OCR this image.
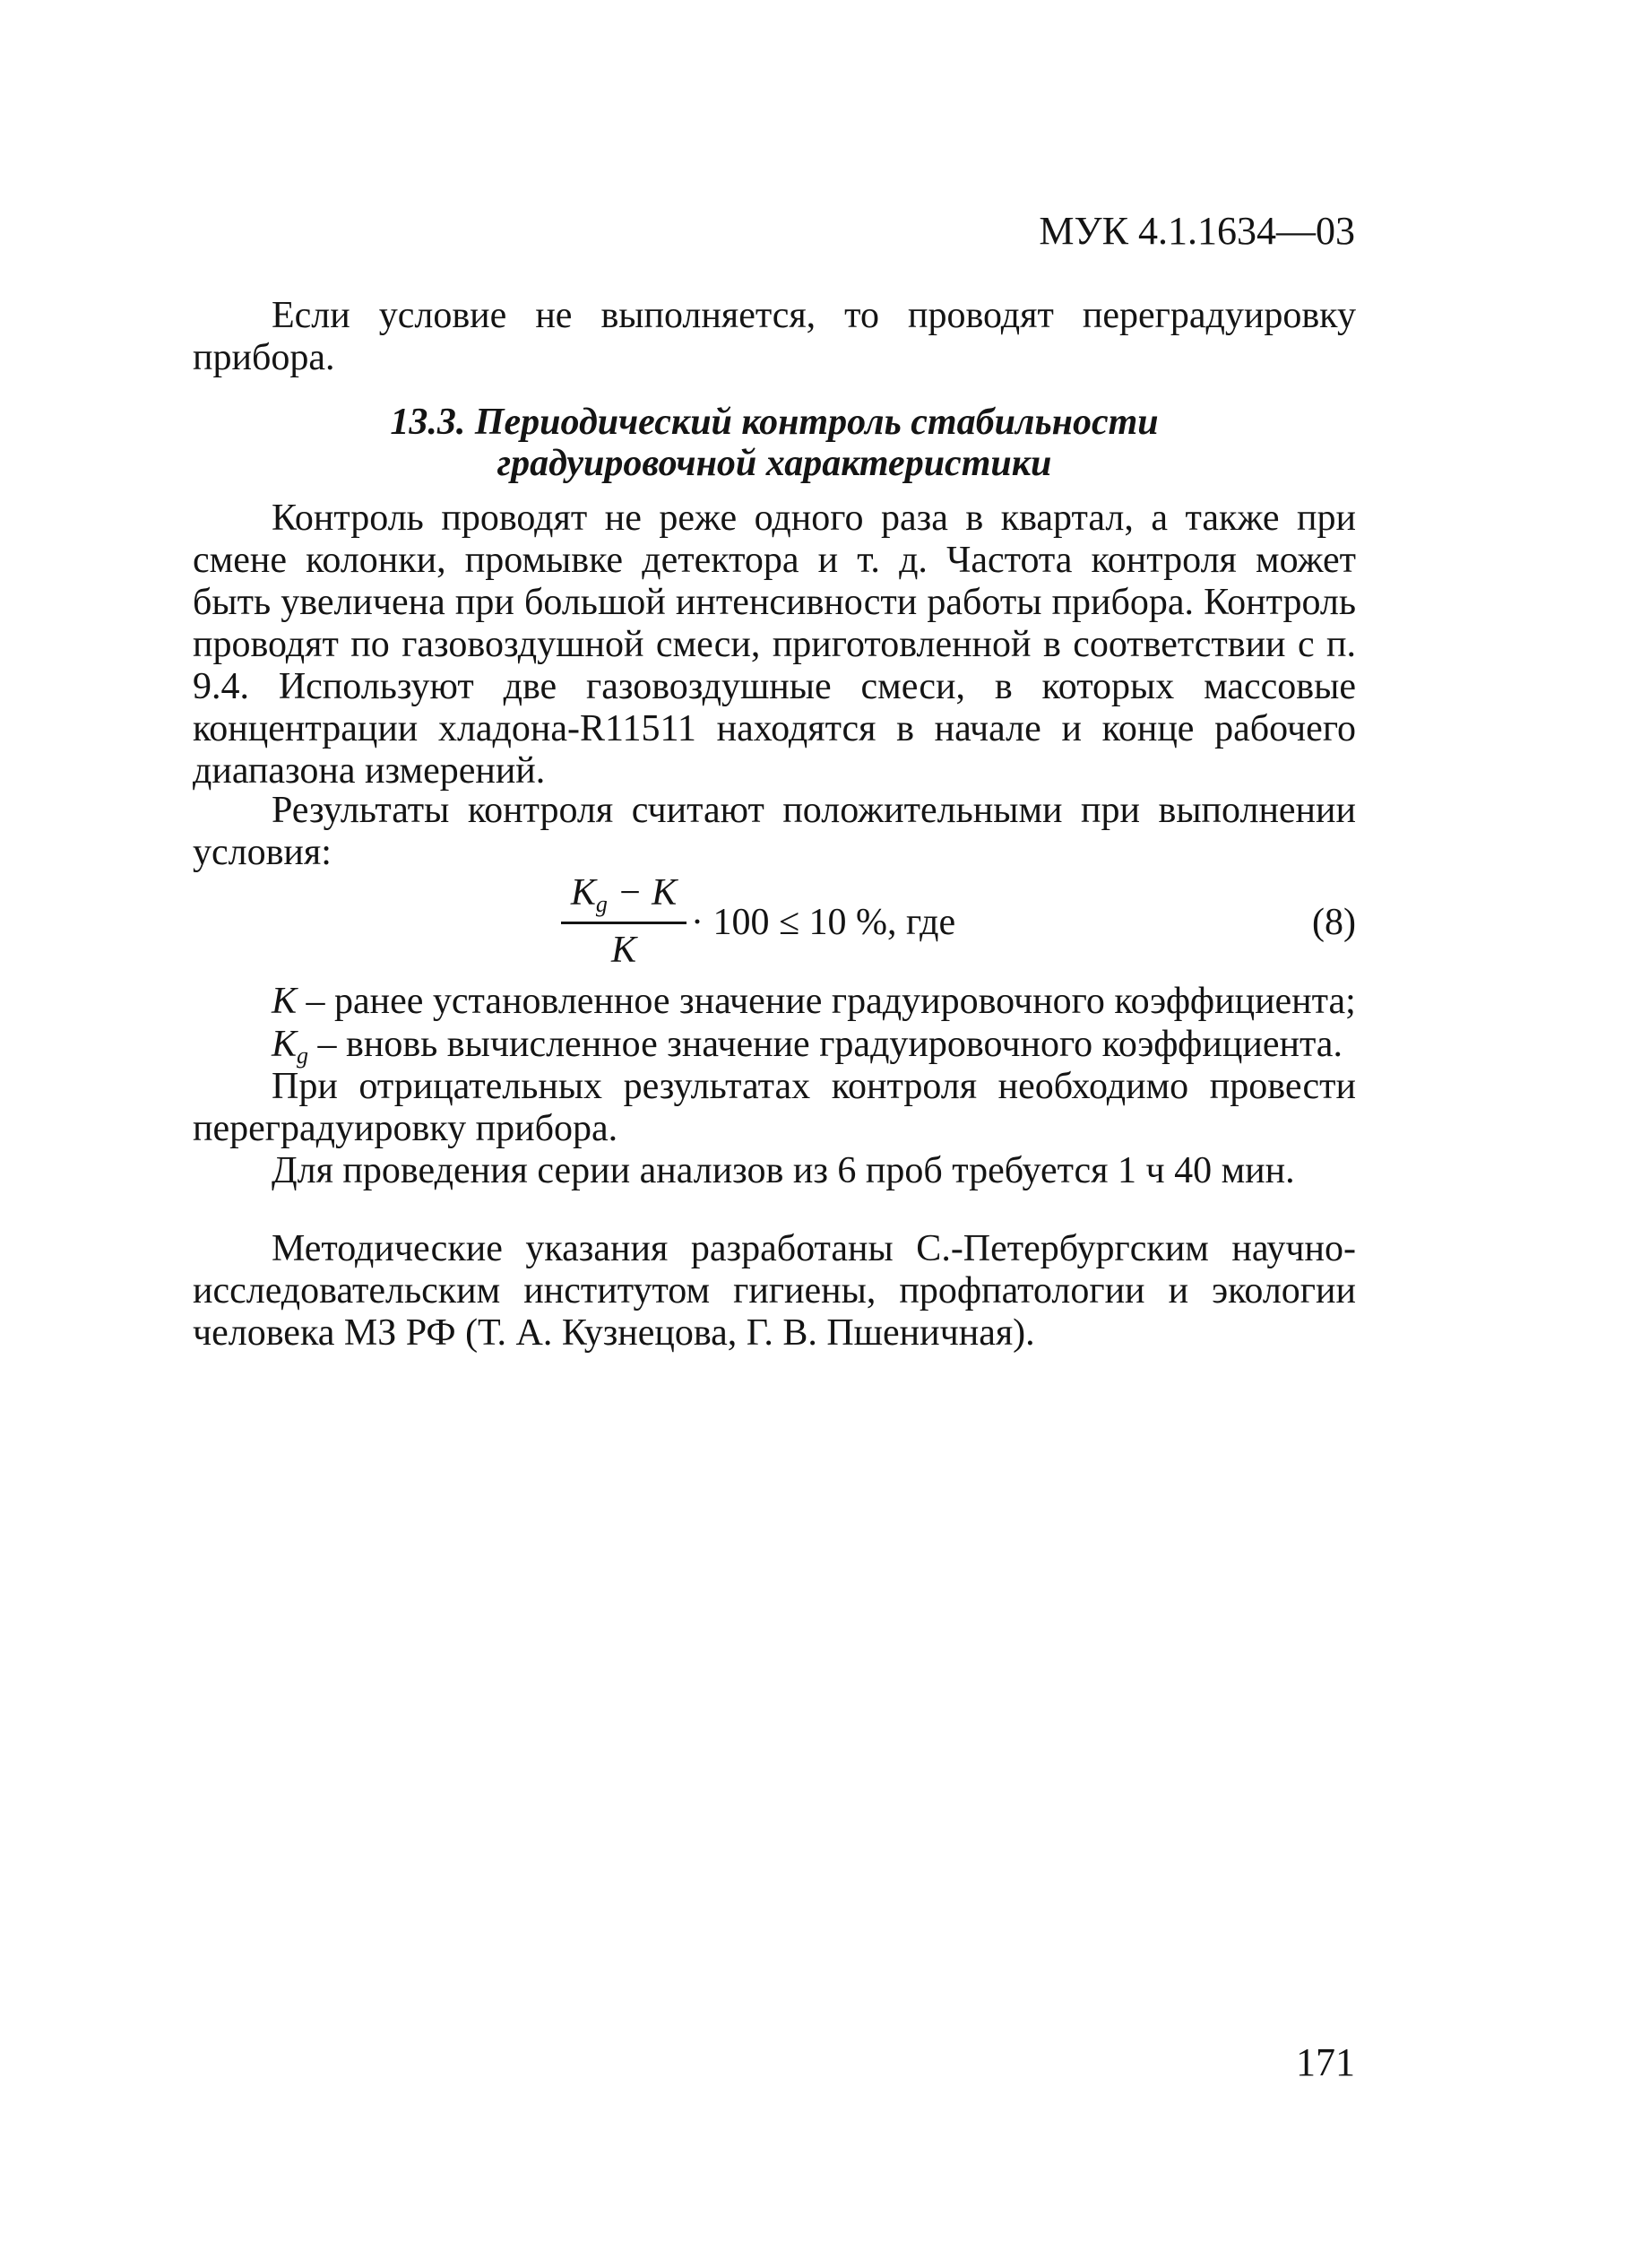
МУК 4.1.1634—03

Если условие не выполняется, то проводят переградуировку прибора.

13.3. Периодический контроль стабильности
градуировочной характеристики

Контроль проводят не реже одного раза в квартал, а также при смене колонки, промывке детектора и т. д. Частота контроля может быть увеличена при большой интенсивности работы прибора. Контроль проводят по газовоздушной смеси, приготовленной в соответствии с п. 9.4. Используют две газовоздушные смеси, в которых массовые концентрации хладона-R11511 находятся в начале и конце рабочего диапазона измерений.

Результаты контроля считают положительными при выполнении условия:

$K_g - K$
K
· 100 ≤ 10 %, где	(8)

K – ранее установленное значение градуировочного коэффициента;

$K_g$ – вновь вычисленное значение градуировочного коэффициента.

При отрицательных результатах контроля необходимо провести переградуировку прибора.

Для проведения серии анализов из 6 проб требуется 1 ч 40 мин.

Методические указания разработаны С.-Петербургским научно-исследовательским институтом гигиены, профпатологии и экологии человека МЗ РФ (Т. А. Кузнецова, Г. В. Пшеничная).

171
